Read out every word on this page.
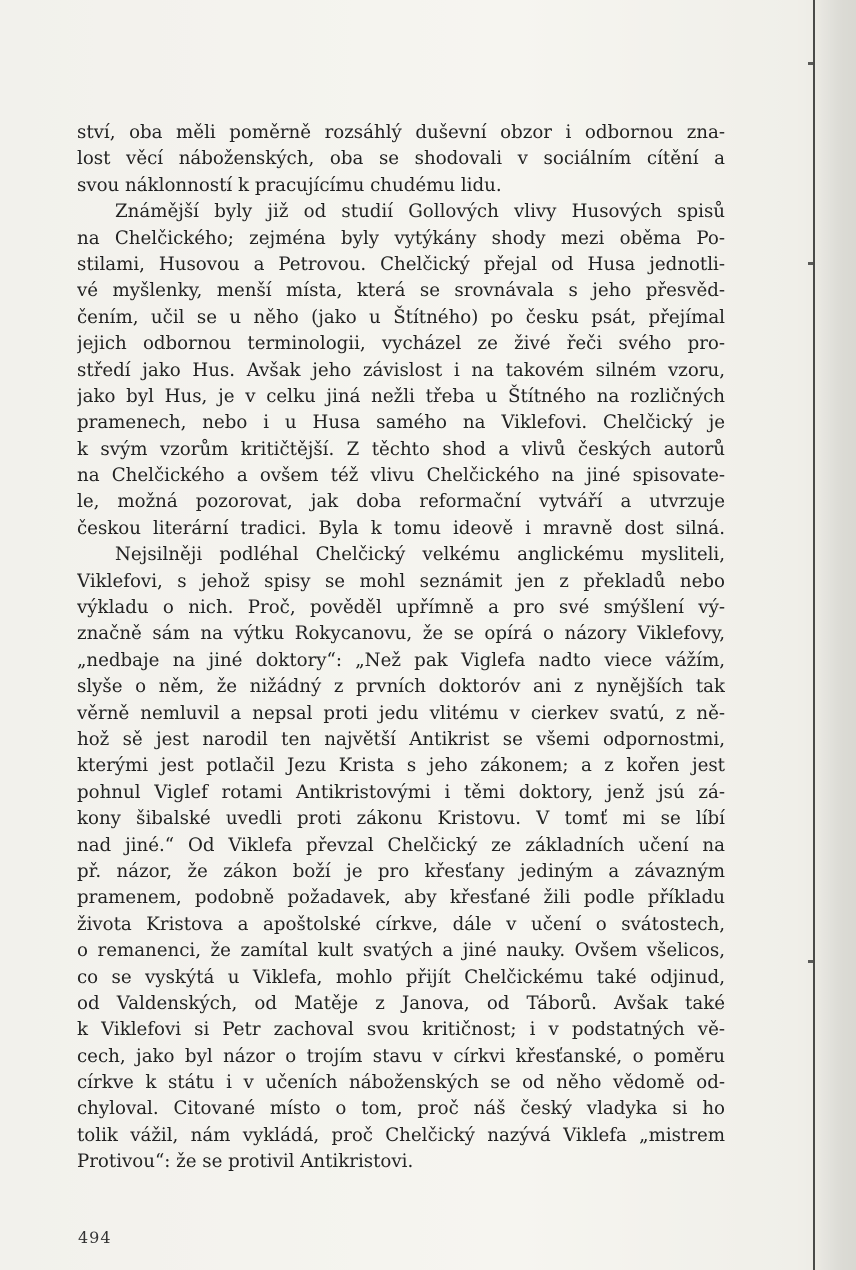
ství, oba měli poměrně rozsáhlý duševní obzor i odbornou zna-
lost věcí náboženských, oba se shodovali v sociálním cítění a
svou náklonností k pracujícímu chudému lidu.
Známější byly již od studií Gollových vlivy Husových spisů
na Chelčického; zejména byly vytýkány shody mezi oběma Po-
stilami, Husovou a Petrovou. Chelčický přejal od Husa jednotli-
vé myšlenky, menší místa, která se srovnávala s jeho přesvěd-
čením, učil se u něho (jako u Štítného) po česku psát, přejímal
jejich odbornou terminologii, vycházel ze živé řeči svého pro-
středí jako Hus. Avšak jeho závislost i na takovém silném vzoru,
jako byl Hus, je v celku jiná nežli třeba u Štítného na rozličných
pramenech, nebo i u Husa samého na Viklefovi. Chelčický je
k svým vzorům kritičtější. Z těchto shod a vlivů českých autorů
na Chelčického a ovšem též vlivu Chelčického na jiné spisovate-
le, možná pozorovat, jak doba reformační vytváří a utvrzuje
českou literární tradici. Byla k tomu ideově i mravně dost silná.
Nejsilněji podléhal Chelčický velkému anglickému mysliteli,
Viklefovi, s jehož spisy se mohl seznámit jen z překladů nebo
výkladu o nich. Proč, pověděl upřímně a pro své smýšlení vý-
značně sám na výtku Rokycanovu, že se opírá o názory Viklefovy,
„nedbaje na jiné doktory“: „Než pak Viglefa nadto viece vážím,
slyše o něm, že nižádný z prvních doktoróv ani z nynějších tak
věrně nemluvil a nepsal proti jedu vlitému v cierkev svatú, z ně-
hož sě jest narodil ten najvětší Antikrist se všemi odpornostmi,
kterými jest potlačil Jezu Krista s jeho zákonem; a z kořen jest
pohnul Viglef rotami Antikristovými i těmi doktory, jenž jsú zá-
kony šibalské uvedli proti zákonu Kristovu. V tomť mi se líbí
nad jiné.“ Od Viklefa převzal Chelčický ze základních učení na
př. názor, že zákon boží je pro křesťany jediným a závazným
pramenem, podobně požadavek, aby křesťané žili podle příkladu
života Kristova a apoštolské církve, dále v učení o svátostech,
o remanenci, že zamítal kult svatých a jiné nauky. Ovšem všelicos,
co se vyskýtá u Viklefa, mohlo přijít Chelčickému také odjinud,
od Valdenských, od Matěje z Janova, od Táborů. Avšak také
k Viklefovi si Petr zachoval svou kritičnost; i v podstatných vě-
cech, jako byl názor o trojím stavu v církvi křesťanské, o poměru
církve k státu i v učeních náboženských se od něho vědomě od-
chyloval. Citované místo o tom, proč náš český vladyka si ho
tolik vážil, nám vykládá, proč Chelčický nazývá Viklefa „mistrem
Protivou“: že se protivil Antikristovi.
494
